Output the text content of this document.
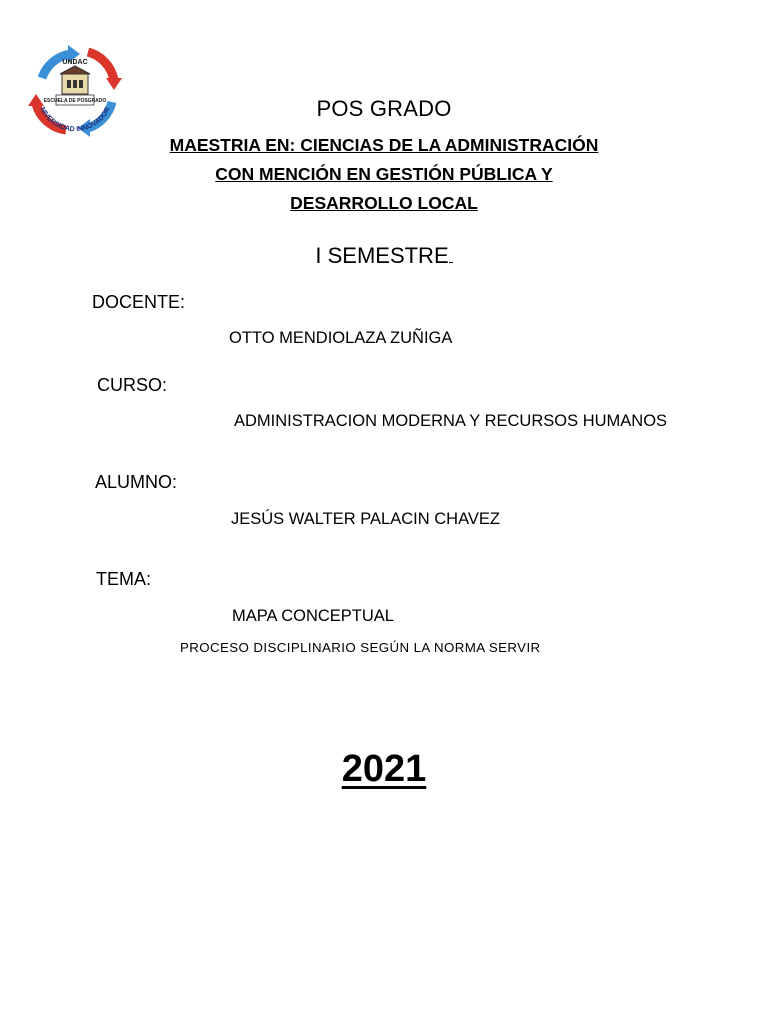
ESCUELA DE POSGRADO
UNDAC
NIVERSIDAD INNOVADOR	POS GRADO
MAESTRIA EN: CIENCIAS DE LA ADMINISTRACIÓN
CON MENCIÓN EN GESTIÓN PÚBLICA Y
DESARROLLO LOCAL
I SEMESTRE
DOCENTE:
OTTO MENDIOLAZA ZUÑIGA
CURSO:
ADMINISTRACION MODERNA Y RECURSOS HUMANOS
ALUMNO:
JESÚS WALTER PALACIN CHAVEZ
TEMA:
MAPA CONCEPTUAL
PROCESO DISCIPLINARIO SEGÚN LA NORMA SERVIR
2021
